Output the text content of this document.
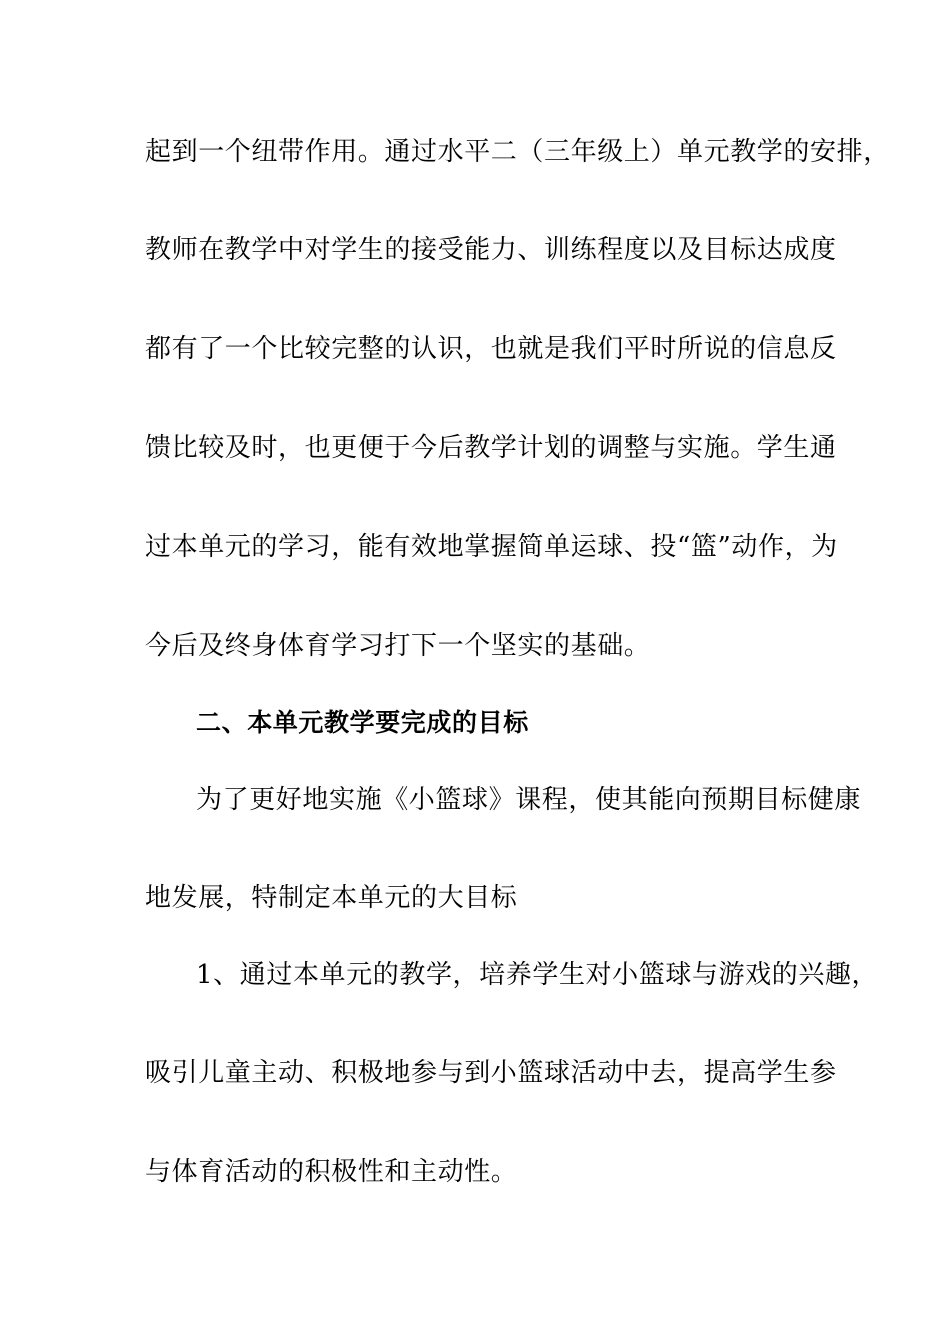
起到一个纽带作用。通过水平二（三年级上）单元教学的安排，
教师在教学中对学生的接受能力、训练程度以及目标达成度
都有了一个比较完整的认识，也就是我们平时所说的信息反
馈比较及时，也更便于今后教学计划的调整与实施。学生通
过本单元的学习，能有效地掌握简单运球、投“篮”动作，为
今后及终身体育学习打下一个坚实的基础。
二、本单元教学要完成的目标
为了更好地实施《小篮球》课程，使其能向预期目标健康
地发展，特制定本单元的大目标
1、通过本单元的教学，培养学生对小篮球与游戏的兴趣，
吸引儿童主动、积极地参与到小篮球活动中去，提高学生参
与体育活动的积极性和主动性。
